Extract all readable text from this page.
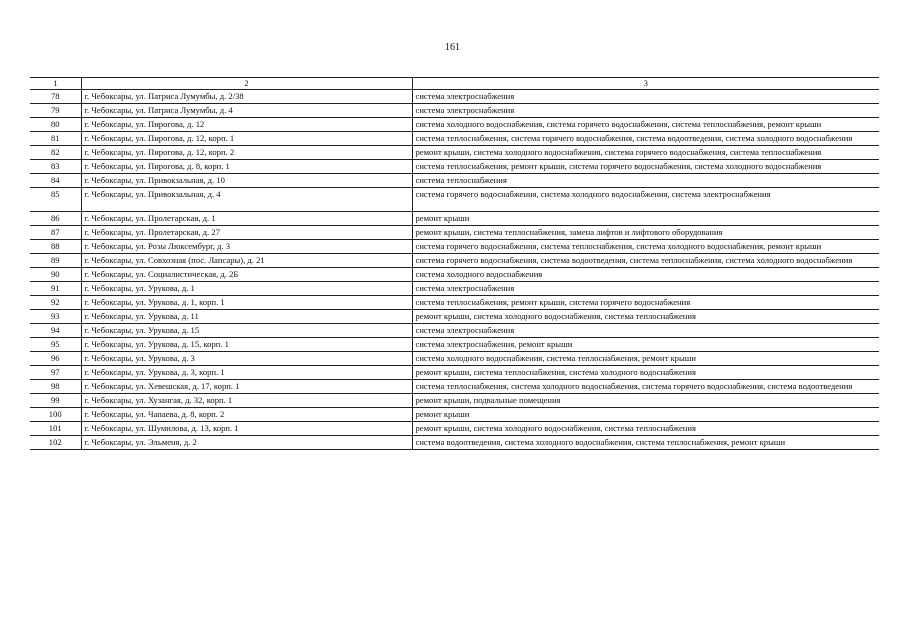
161
1	2	3
78	г. Чебоксары, ул. Патриса Лумумбы, д. 2/38	система электроснабжения
79	г. Чебоксары, ул. Патриса Лумумбы, д. 4	система электроснабжения
80	г. Чебоксары, ул. Пирогова, д. 12	система холодного водоснабжения, система горячего водоснабжения, система теплоснабжения, ремонт крыши
81	г. Чебоксары, ул. Пирогова, д. 12, корп. 1	система теплоснабжения, система горячего водоснабжения, система водоотведения, система холодного водоснабжения
82	г. Чебоксары, ул. Пирогова, д. 12, корп. 2	ремонт крыши, система холодного водоснабжения, система горячего водоснабжения, система теплоснабжения
83	г. Чебоксары, ул. Пирогова, д. 8, корп. 1	система теплоснабжения, ремонт крыши, система горячего водоснабжения, система холодного водоснабжения
84	г. Чебоксары, ул. Привокзальная, д. 10	система теплоснабжения
85	г. Чебоксары, ул. Привокзальная, д. 4	система горячего водоснабжения, система холодного водоснабжения, система электроснабжения
86	г. Чебоксары, ул. Пролетарская, д. 1	ремонт крыши
87	г. Чебоксары, ул. Пролетарская, д. 27	ремонт крыши, система теплоснабжения, замена лифтов и лифтового оборудования
88	г. Чебоксары, ул. Розы Люксембург, д. 3	система горячего водоснабжения, система теплоснабжения, система холодного водоснабжения, ремонт крыши
89	г. Чебоксары, ул. Совхозная (пос. Лапсары), д. 21	система горячего водоснабжения, система водоотведения, система теплоснабжения, система холодного водоснабжения
90	г. Чебоксары, ул. Социалистическая, д. 2Б	система холодного водоснабжения
91	г. Чебоксары, ул. Урукова, д. 1	система электроснабжения
92	г. Чебоксары, ул. Урукова, д. 1, корп. 1	система теплоснабжения, ремонт крыши, система горячего водоснабжения
93	г. Чебоксары, ул. Урукова, д. 11	ремонт крыши, система холодного водоснабжения, система теплоснабжения
94	г. Чебоксары, ул. Урукова, д. 15	система электроснабжения
95	г. Чебоксары, ул. Урукова, д. 15, корп. 1	система электроснабжения, ремонт крыши
96	г. Чебоксары, ул. Урукова, д. 3	система холодного водоснабжения, система теплоснабжения, ремонт крыши
97	г. Чебоксары, ул. Урукова, д. 3, корп. 1	ремонт крыши, система теплоснабжения, система холодного водоснабжения
98	г. Чебоксары, ул. Хевешская, д. 17, корп. 1	система теплоснабжения, система холодного водоснабжения, система горячего водоснабжения, система водоотведения
99	г. Чебоксары, ул. Хузангая, д. 32, корп. 1	ремонт крыши, подвальные помещения
100	г. Чебоксары, ул. Чапаева, д. 8, корп. 2	ремонт крыши
101	г. Чебоксары, ул. Шумилова, д. 13, корп. 1	ремонт крыши, система холодного водоснабжения, система теплоснабжения
102	г. Чебоксары, ул. Эльменя, д. 2	система водоотведения, система холодного водоснабжения, система теплоснабжения, ремонт крыши
